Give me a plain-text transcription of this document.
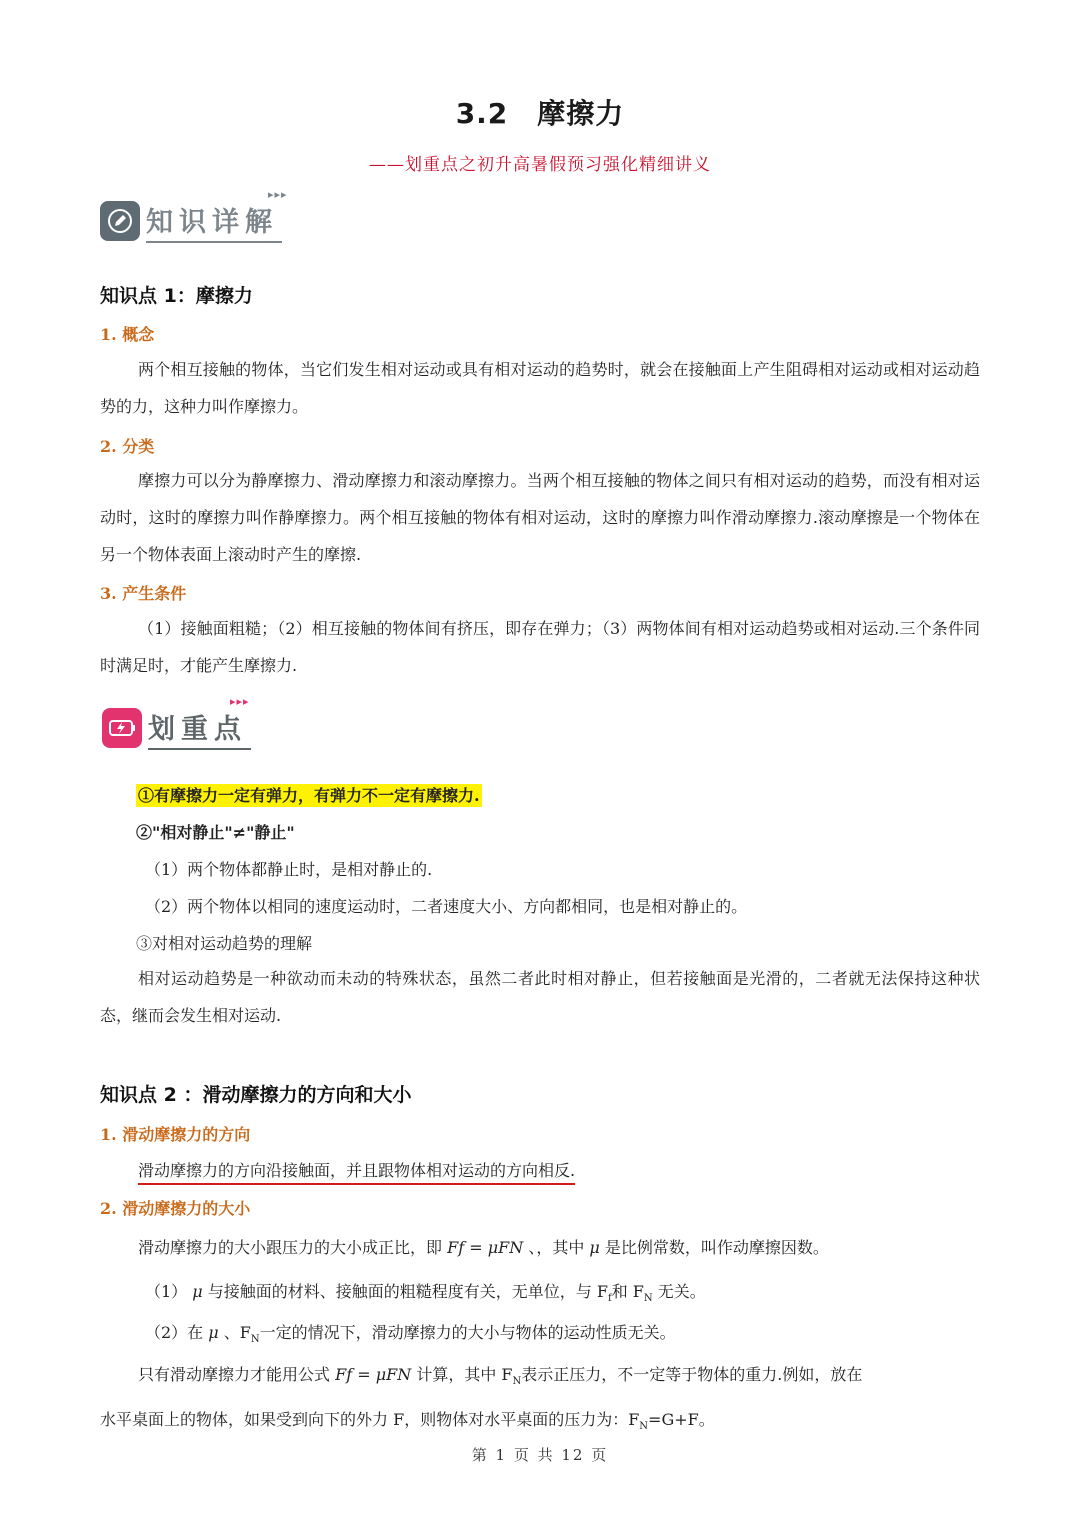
3.2　摩擦力
——划重点之初升高暑假预习强化精细讲义
知识详解
▸▸▸
知识点 1：摩擦力
1. 概念
两个相互接触的物体，当它们发生相对运动或具有相对运动的趋势时，就会在接触面上产生阻碍相对运动或相对运动趋势的力，这种力叫作摩擦力。
2. 分类
摩擦力可以分为静摩擦力、滑动摩擦力和滚动摩擦力。当两个相互接触的物体之间只有相对运动的趋势，而没有相对运动时，这时的摩擦力叫作静摩擦力。两个相互接触的物体有相对运动，这时的摩擦力叫作滑动摩擦力.滚动摩擦是一个物体在另一个物体表面上滚动时产生的摩擦.
3. 产生条件
（1）接触面粗糙；（2）相互接触的物体间有挤压，即存在弹力；（3）两物体间有相对运动趋势或相对运动.三个条件同时满足时，才能产生摩擦力.
划重点
▸▸▸
①有摩擦力一定有弹力，有弹力不一定有摩擦力.
②"相对静止"≠"静止"
（1）两个物体都静止时，是相对静止的.
（2）两个物体以相同的速度运动时，二者速度大小、方向都相同，也是相对静止的。
③对相对运动趋势的理解
相对运动趋势是一种欲动而未动的特殊状态，虽然二者此时相对静止，但若接触面是光滑的，二者就无法保持这种状态，继而会发生相对运动.
知识点 2 ：滑动摩擦力的方向和大小
1. 滑动摩擦力的方向
滑动摩擦力的方向沿接触面，并且跟物体相对运动的方向相反.
2. 滑动摩擦力的大小
滑动摩擦力的大小跟压力的大小成正比，即 Ff = μFN 、，其中 μ 是比例常数，叫作动摩擦因数。
（1） μ 与接触面的材料、接触面的粗糙程度有关，无单位，与 $F_f$和 $F_N$ 无关。
（2）在 μ 、$F_N$一定的情况下，滑动摩擦力的大小与物体的运动性质无关。
只有滑动摩擦力才能用公式 Ff = μFN 计算，其中 $F_N$表示正压力，不一定等于物体的重力.例如，放在
水平桌面上的物体，如果受到向下的外力 F，则物体对水平桌面的压力为：$F_N=G+F$。
第 1 页 共 12 页
